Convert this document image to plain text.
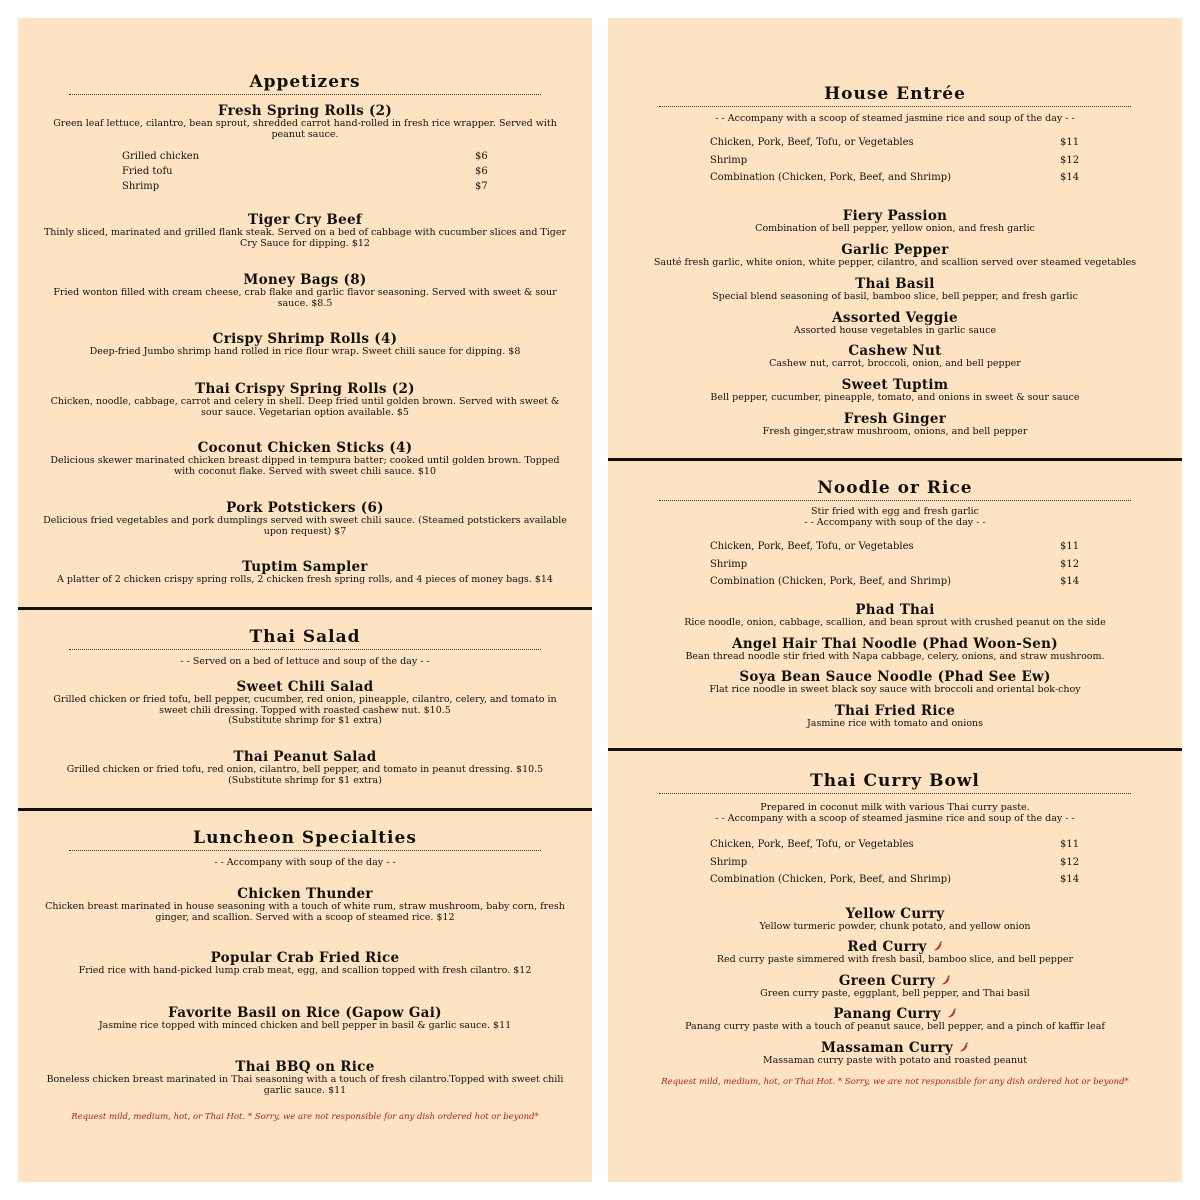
Appetizers
Fresh Spring Rolls (2)
Green leaf lettuce, cilantro, bean sprout, shredded carrot hand-rolled in fresh rice wrapper. Served with peanut sauce.
Grilled chicken	$6
Fried tofu	$6
Shrimp	$7
Tiger Cry Beef
Thinly sliced, marinated and grilled flank steak. Served on a bed of cabbage with cucumber slices and Tiger Cry Sauce for dipping. $12
Money Bags (8)
Fried wonton filled with cream cheese, crab flake and garlic flavor seasoning. Served with sweet & sour sauce. $8.5
Crispy Shrimp Rolls (4)
Deep-fried Jumbo shrimp hand rolled in rice flour wrap. Sweet chili sauce for dipping. $8
Thai Crispy Spring Rolls (2)
Chicken, noodle, cabbage, carrot and celery in shell. Deep fried until golden brown. Served with sweet & sour sauce. Vegetarian option available. $5
Coconut Chicken Sticks (4)
Delicious skewer marinated chicken breast dipped in tempura batter; cooked until golden brown. Topped with coconut flake. Served with sweet chili sauce. $10
Pork Potstickers (6)
Delicious fried vegetables and pork dumplings served with sweet chili sauce. (Steamed potstickers available upon request) $7
Tuptim Sampler
A platter of 2 chicken crispy spring rolls, 2 chicken fresh spring rolls, and 4 pieces of money bags. $14
Thai Salad
- - Served on a bed of lettuce and soup of the day - -
Sweet Chili Salad
Grilled chicken or fried tofu, bell pepper, cucumber, red onion, pineapple, cilantro, celery, and tomato in sweet chili dressing. Topped with roasted cashew nut. $10.5
(Substitute shrimp for $1 extra)
Thai Peanut Salad
Grilled chicken or fried tofu, red onion, cilantro, bell pepper, and tomato in peanut dressing. $10.5
(Substitute shrimp for $1 extra)
Luncheon Specialties
- - Accompany with soup of the day - -
Chicken Thunder
Chicken breast marinated in house seasoning with a touch of white rum, straw mushroom, baby corn, fresh ginger, and scallion. Served with a scoop of steamed rice. $12
Popular Crab Fried Rice
Fried rice with hand-picked lump crab meat, egg, and scallion topped with fresh cilantro. $12
Favorite Basil on Rice (Gapow Gai)
Jasmine rice topped with minced chicken and bell pepper in basil & garlic sauce. $11
Thai BBQ on Rice
Boneless chicken breast marinated in Thai seasoning with a touch of fresh cilantro.Topped with sweet chili garlic sauce. $11
Request mild, medium, hot, or Thai Hot. * Sorry, we are not responsible for any dish ordered hot or beyond*
House Entrée
- - Accompany with a scoop of steamed jasmine rice and soup of the day - -
Chicken, Pork, Beef, Tofu, or Vegetables	$11
Shrimp	$12
Combination (Chicken, Pork, Beef, and Shrimp)	$14
Fiery Passion
Combination of bell pepper, yellow onion, and fresh garlic
Garlic Pepper
Sauté fresh garlic, white onion, white pepper, cilantro, and scallion served over steamed vegetables
Thai Basil
Special blend seasoning of basil, bamboo slice, bell pepper, and fresh garlic
Assorted Veggie
Assorted house vegetables in garlic sauce
Cashew Nut
Cashew nut, carrot, broccoli, onion, and bell pepper
Sweet Tuptim
Bell pepper, cucumber, pineapple, tomato, and onions in sweet & sour sauce
Fresh Ginger
Fresh ginger,straw mushroom, onions, and bell pepper
Noodle or Rice
Stir fried with egg and fresh garlic
- - Accompany with soup of the day - -
Chicken, Pork, Beef, Tofu, or Vegetables	$11
Shrimp	$12
Combination (Chicken, Pork, Beef, and Shrimp)	$14
Phad Thai
Rice noodle, onion, cabbage, scallion, and bean sprout with crushed peanut on the side
Angel Hair Thai Noodle (Phad Woon-Sen)
Bean thread noodle stir fried with Napa cabbage, celery, onions, and straw mushroom.
Soya Bean Sauce Noodle (Phad See Ew)
Flat rice noodle in sweet black soy sauce with broccoli and oriental bok-choy
Thai Fried Rice
Jasmine rice with tomato and onions
Thai Curry Bowl
Prepared in coconut milk with various Thai curry paste.
- - Accompany with a scoop of steamed jasmine rice and soup of the day - -
Chicken, Pork, Beef, Tofu, or Vegetables	$11
Shrimp	$12
Combination (Chicken, Pork, Beef, and Shrimp)	$14
Yellow Curry
Yellow turmeric powder, chunk potato, and yellow onion
Red Curry
Red curry paste simmered with fresh basil, bamboo slice, and bell pepper
Green Curry
Green curry paste, eggplant, bell pepper, and Thai basil
Panang Curry
Panang curry paste with a touch of peanut sauce, bell pepper, and a pinch of kaffir leaf
Massaman Curry
Massaman curry paste with potato and roasted peanut
Request mild, medium, hot, or Thai Hot. * Sorry, we are not responsible for any dish ordered hot or beyond*
